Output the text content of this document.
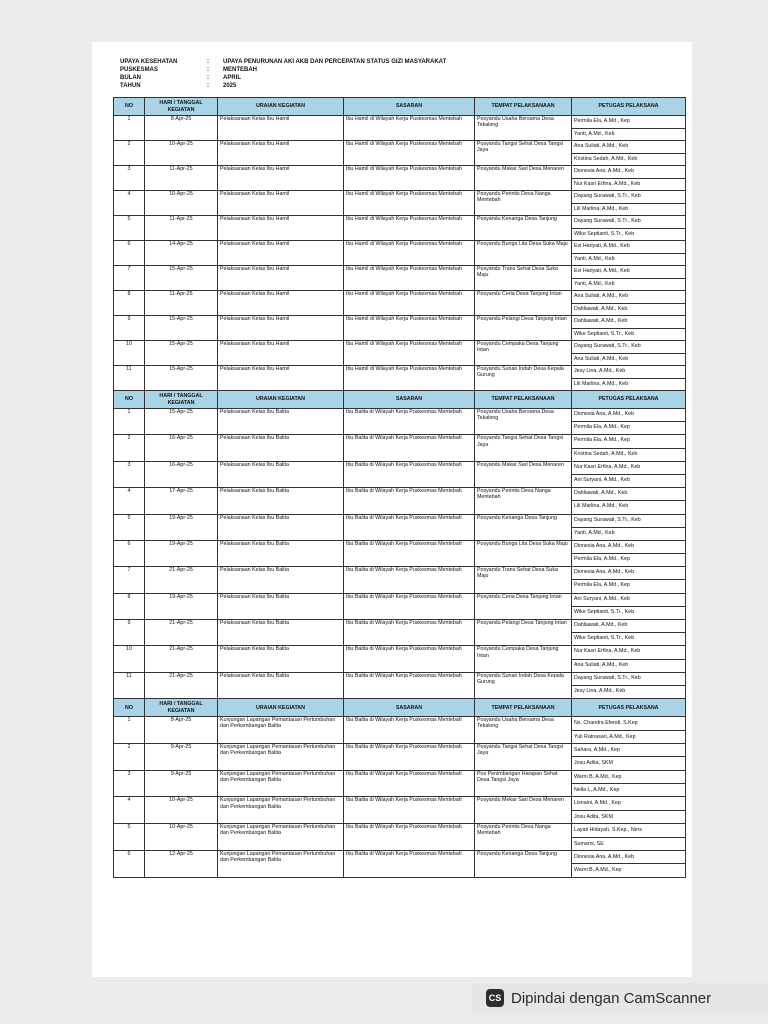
UPAYA KESEHATAN	:	UPAYA PENURUNAN AKI AKB DAN PERCEPATAN STATUS GIZI MASYARAKAT
PUSKESMAS	:	MENTEBAH
BULAN	:	APRIL
TAHUN	:	2025
NO	HARI / TANGGAL KEGIATAN	URAIAN KEGIATAN	SASARAN	TEMPAT PELAKSANAAN	PETUGAS PELAKSANA
1	8-Apr-25	Pelaksanaan Kelas Ibu Hamil	Ibu Hamil di Wilayah Kerja Puskesmas Mentebah	Posyandu Usaha Bersama Desa Tekalong	Permila Ela, A.Md., Kep
Yanti, A.Md., Keb

2	10-Apr-25	Pelaksanaan Kelas Ibu Hamil	Ibu Hamil di Wilayah Kerja Puskesmas Mentebah	Posyandu Tangsi Sehat Desa Tangsi Jaya	Ana Suliati, A.Md., Keb
Kristina Sedah, A.Md., Keb

3	11-Apr-25	Pelaksanaan Kelas Ibu Hamil	Ibu Hamil di Wilayah Kerja Puskesmas Mentebah	Posyandu Mekar Sari Desa Menaren	Dionesia Ana, A.Md., Keb
Nur Kasri Erfina, A.Md., Keb

4	10-Apr-25	Pelaksanaan Kelas Ibu Hamil	Ibu Hamil di Wilayah Kerja Puskesmas Mentebah	Posyandu Perintis Desa Nanga Mentebah	Dayang Surawati, S.Tr., Keb
Lili Marlina, A.Md., Keb

5	11-Apr-25	Pelaksanaan Kelas Ibu Hamil	Ibu Hamil di Wilayah Kerja Puskesmas Mentebah	Posyandu Kenanga Desa Tanjung	Dayang Surawati, S.Tr., Keb
Wike Septianti, S.Tr., Keb

6	14-Apr-25	Pelaksanaan Kelas Ibu Hamil	Ibu Hamil di Wilayah Kerja Puskesmas Mentebah	Posyandu Bunga Lita Desa Suka Maju	Evi Hariyati, A.Md., Keb
Yanti, A.Md., Keb

7	15-Apr-25	Pelaksanaan Kelas Ibu Hamil	Ibu Hamil di Wilayah Kerja Puskesmas Mentebah	Posyandu Trans Sehat Desa Suka Maju	Evi Hariyati, A.Md., Keb
Yanti, A.Md., Keb

8	11-Apr-25	Pelaksanaan Kelas Ibu Hamil	Ibu Hamil di Wilayah Kerja Puskesmas Mentebah	Posyandu Ceria Desa Tanjung Intan	Ana Suliati, A.Md., Keb
Dahliawati, A.Md., Keb

9	15-Apr-25	Pelaksanaan Kelas Ibu Hamil	Ibu Hamil di Wilayah Kerja Puskesmas Mentebah	Posyandu Pelangi Desa Tanjung Intan	Dahliawati, A.Md., Keb
Wike Septianti, S.Tr., Keb

10	15-Apr-25	Pelaksanaan Kelas Ibu Hamil	Ibu Hamil di Wilayah Kerja Puskesmas Mentebah	Posyandu Cempaka Desa Tanjung Intan	Dayang Surawati, S.Tr., Keb
Ana Suliati, A.Md., Keb

11	15-Apr-25	Pelaksanaan Kelas Ibu Hamil	Ibu Hamil di Wilayah Kerja Puskesmas Mentebah	Posyandu Sunan Indah Desa Kepala Gurung	Jesy Lina, A.Md., Keb
Lili Marlina, A.Md., Keb

NO	HARI / TANGGAL KEGIATAN	URAIAN KEGIATAN	SASARAN	TEMPAT PELAKSANAAN	PETUGAS PELAKSANA
1	15-Apr-25	Pelaksanaan Kelas Ibu Balita	Ibu Balita di Wilayah Kerja Puskesmas Mentebah	Posyandu Usaha Bersama Desa Tekalong	Dionesia Ana, A.Md., Keb
Permila Ela, A.Md., Kep

2	16-Apr-25	Pelaksanaan Kelas Ibu Balita	Ibu Balita di Wilayah Kerja Puskesmas Mentebah	Posyandu Tangsi Sehat Desa Tangsi Jaya	Permila Ela, A.Md., Kep
Kristina Sedah, A.Md., Keb

3	16-Apr-25	Pelaksanaan Kelas Ibu Balita	Ibu Balita di Wilayah Kerja Puskesmas Mentebah	Posyandu Mekar Sari Desa Menaren	Nur Kasri Erfina, A.Md., Keb
Ani Suryani, A.Md., Keb

4	17-Apr-25	Pelaksanaan Kelas Ibu Balita	Ibu Balita di Wilayah Kerja Puskesmas Mentebah	Posyandu Perintis Desa Nanga Mentebah	Dahliawati, A.Md., Keb
Lili Marlina, A.Md., Keb

5	19-Apr-25	Pelaksanaan Kelas Ibu Balita	Ibu Balita di Wilayah Kerja Puskesmas Mentebah	Posyandu Kenanga Desa Tanjung	Dayang Surawati, S.Tr., Keb
Yanti, A.Md., Keb

6	19-Apr-25	Pelaksanaan Kelas Ibu Balita	Ibu Balita di Wilayah Kerja Puskesmas Mentebah	Posyandu Bunga Lita Desa Suka Maju	Dionesia Ana, A.Md., Keb
Permila Ela, A.Md., Kep

7	21-Apr-25	Pelaksanaan Kelas Ibu Balita	Ibu Balita di Wilayah Kerja Puskesmas Mentebah	Posyandu Trans Sehat Desa Suka Maju	Dionesia Ana, A.Md., Keb
Permila Ela, A.Md., Kep

8	19-Apr-25	Pelaksanaan Kelas Ibu Balita	Ibu Balita di Wilayah Kerja Puskesmas Mentebah	Posyandu Ceria Desa Tanjung Intan	Ani Suryani, A.Md., Keb
Wike Septianti, S.Tr., Keb

9	21-Apr-25	Pelaksanaan Kelas Ibu Balita	Ibu Balita di Wilayah Kerja Puskesmas Mentebah	Posyandu Pelangi Desa Tanjung Intan	Dahliawati, A.Md., Keb
Wike Septianti, S.Tr., Keb

10	21-Apr-25	Pelaksanaan Kelas Ibu Balita	Ibu Balita di Wilayah Kerja Puskesmas Mentebah	Posyandu Cempaka Desa Tanjung Intan	Nur Kasri Erfina, A.Md., Keb
Ana Suliati, A.Md., Keb

11	21-Apr-25	Pelaksanaan Kelas Ibu Balita	Ibu Balita di Wilayah Kerja Puskesmas Mentebah	Posyandu Sunan Indah Desa Kepala Gurung	Dayang Surawati, S.Tr., Keb
Jesy Lina, A.Md., Keb

NO	HARI / TANGGAL KEGIATAN	URAIAN KEGIATAN	SASARAN	TEMPAT PELAKSANAAN	PETUGAS PELAKSANA
1	8-Apr-25	Kunjungan Lapangan Pemantauan Pertumbuhan dan Perkembangan Balita	Ibu Balita di Wilayah Kerja Puskesmas Mentebah	Posyandu Usaha Bersama Desa Tekalong	Ns. Chandra Efendi, S.Kep
Yuli Ratnasari, A.Md., Kep

2	9-Apr-25	Kunjungan Lapangan Pemantauan Pertumbuhan dan Perkembangan Balita	Ibu Balita di Wilayah Kerja Puskesmas Mentebah	Posyandu Tangsi Sehat Desa Tangsi Jaya	Sahara, A.Md., Kep
Josu Adita, SKM

3	9-Apr-25	Kunjungan Lapangan Pemantauan Pertumbuhan dan Perkembangan Balita	Ibu Balita di Wilayah Kerja Puskesmas Mentebah	Pos Penimbangan Harapan Sehat Desa Tangsi Jaya	Warni B, A.Md., Kep
Nella L, A.Md., Kep

4	10-Apr-25	Kunjungan Lapangan Pemantauan Pertumbuhan dan Perkembangan Balita	Ibu Balita di Wilayah Kerja Puskesmas Mentebah	Posyandu Mekar Sari Desa Menaren	Lisnaini, A.Md., Kep
Josu Adita, SKM

5	10-Apr-25	Kunjungan Lapangan Pemantauan Pertumbuhan dan Perkembangan Balita	Ibu Balita di Wilayah Kerja Puskesmas Mentebah	Posyandu Perintis Desa Nanga Mentebah	Layati Hidayah, S.Kep., Ners
Sumarni, SE

6	12-Apr-25	Kunjungan Lapangan Pemantauan Pertumbuhan dan Perkembangan Balita	Ibu Balita di Wilayah Kerja Puskesmas Mentebah	Posyandu Kenanga Desa Tanjung	Dionesia Ana, A.Md., Keb
Warni B, A.Md., Kep
CS Dipindai dengan CamScanner
